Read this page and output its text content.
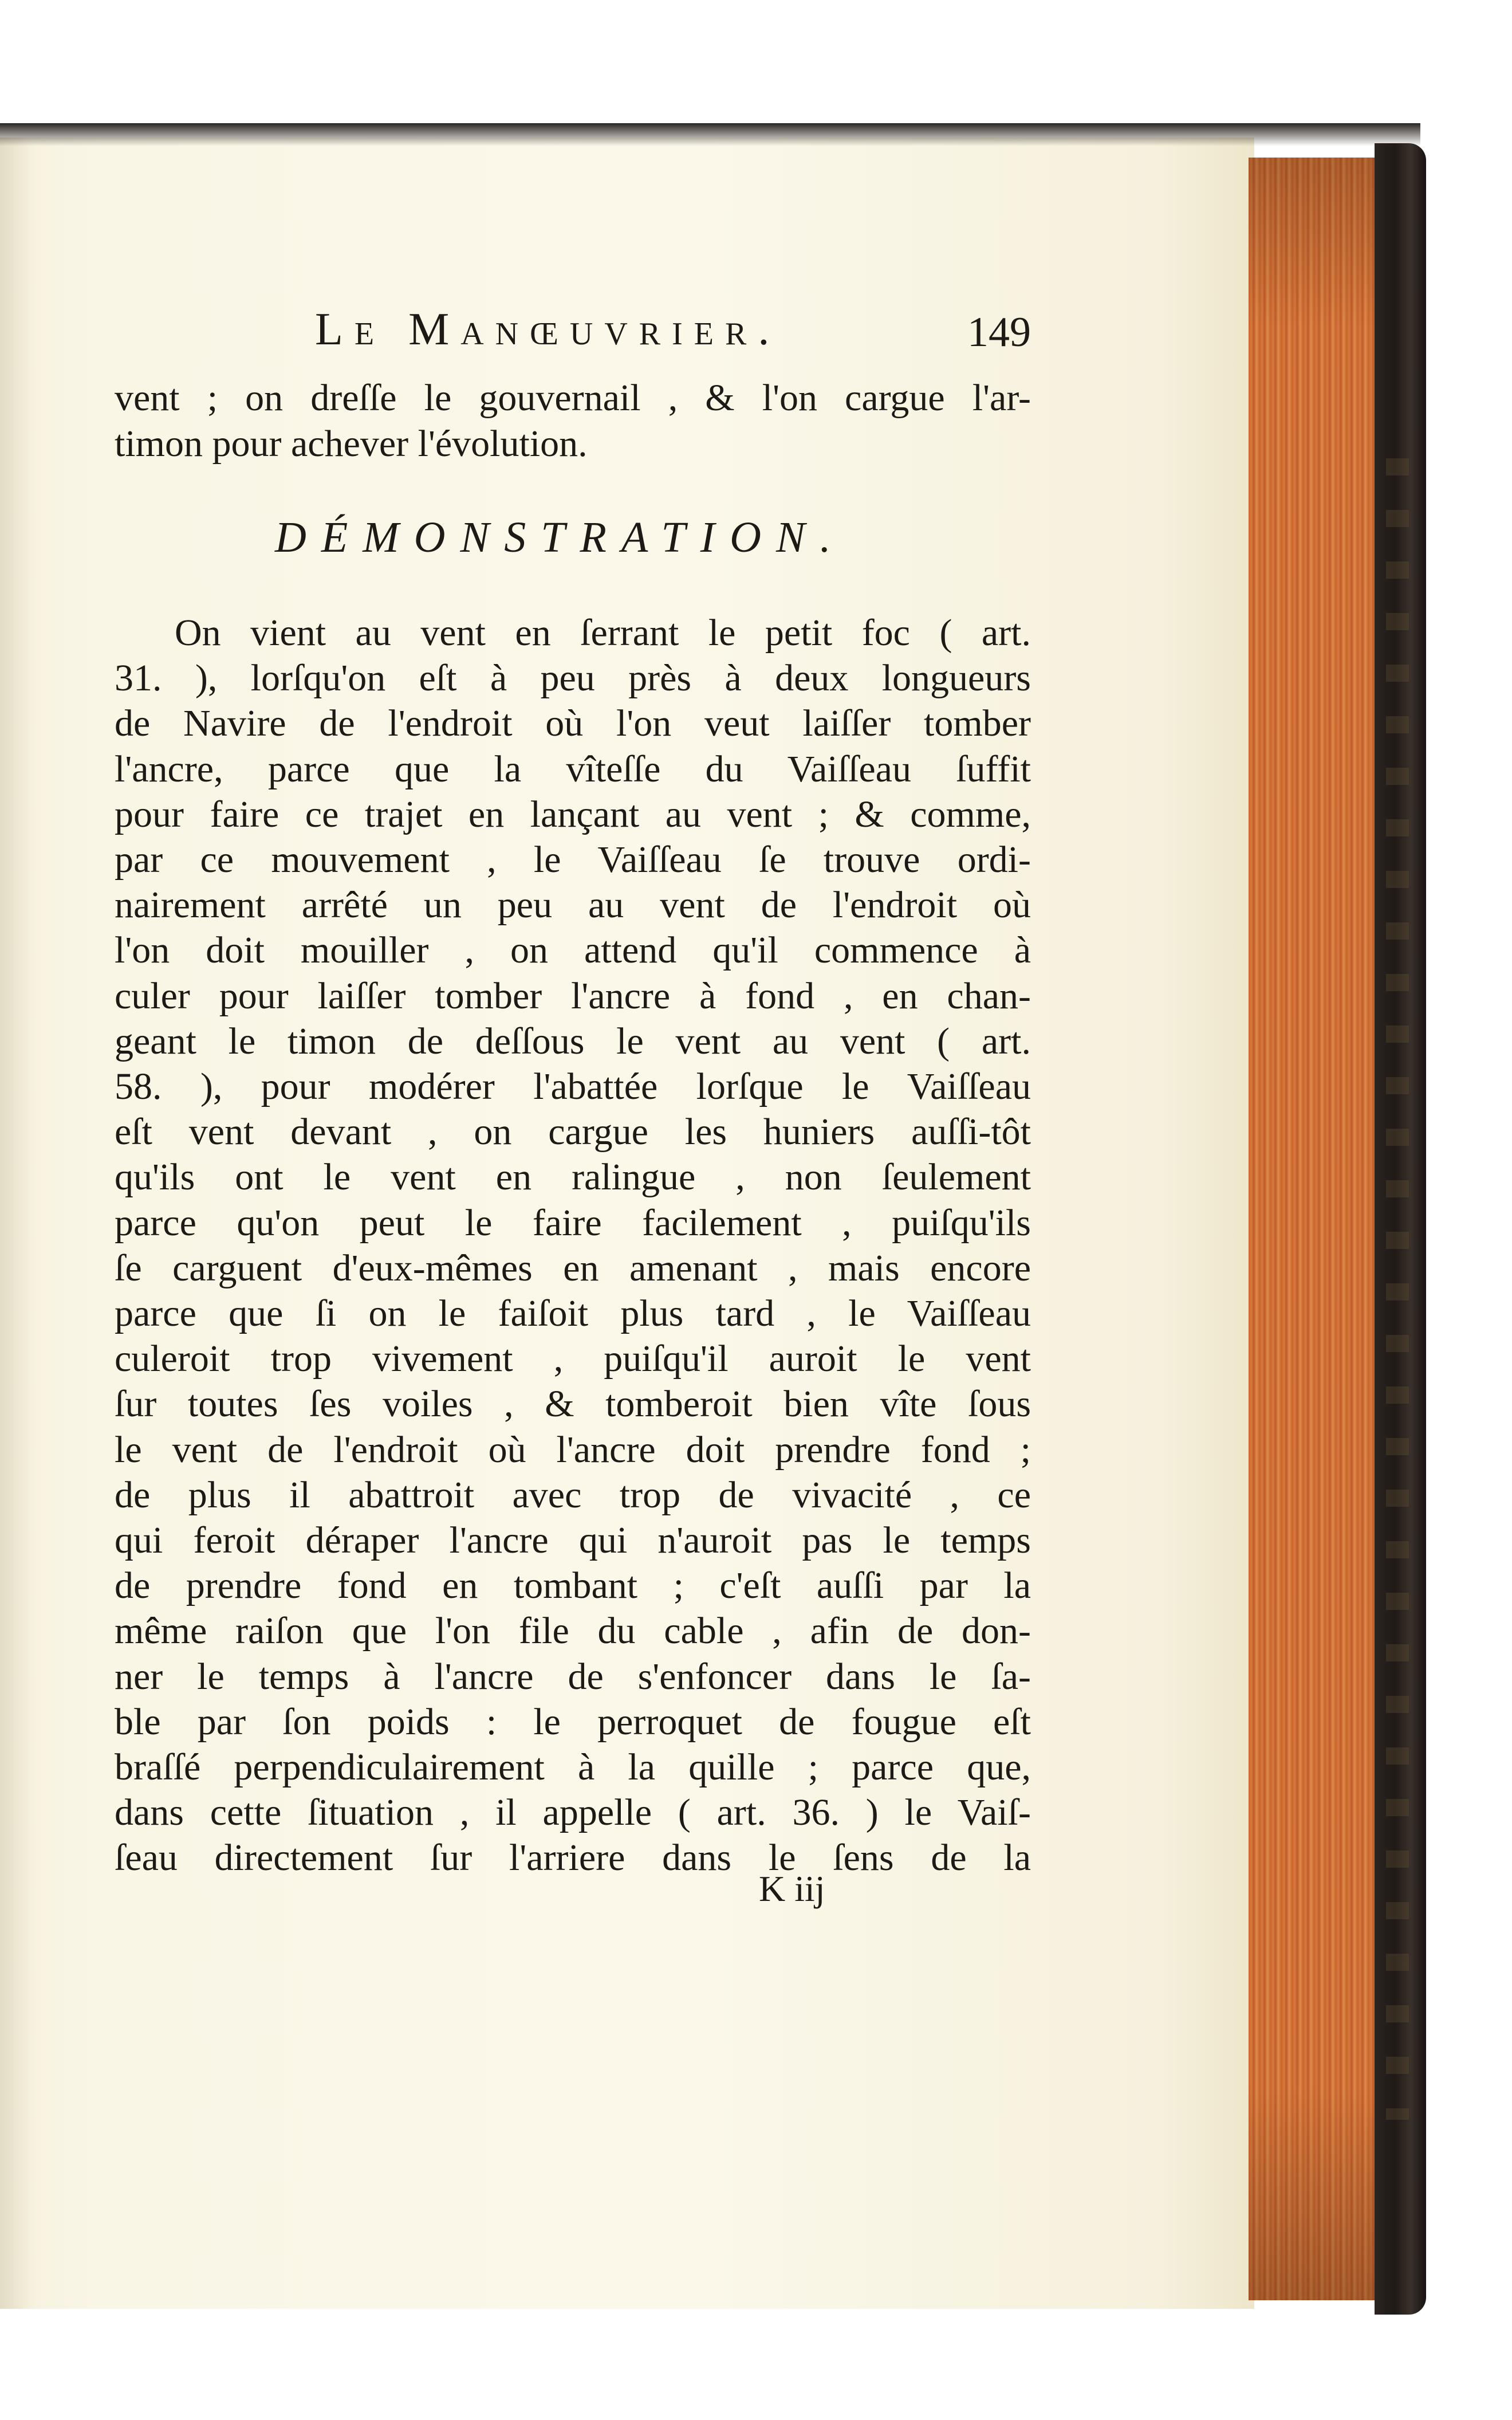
Le Manœuvrier.	149
vent ; on dreſſe le gouvernail , & l'on cargue l'ar-
timon pour achever l'évolution.
DÉMONSTRATION.
On vient au vent en ſerrant le petit foc ( art.
31. ), lorſqu'on eſt à peu près à deux longueurs
de Navire de l'endroit où l'on veut laiſſer tomber
l'ancre, parce que la vîteſſe du Vaiſſeau ſuffit
pour faire ce trajet en lançant au vent ; & comme,
par ce mouvement , le Vaiſſeau ſe trouve ordi-
nairement arrêté un peu au vent de l'endroit où
l'on doit mouiller , on attend qu'il commence à
culer pour laiſſer tomber l'ancre à fond , en chan-
geant le timon de deſſous le vent au vent ( art.
58. ), pour modérer l'abattée lorſque le Vaiſſeau
eſt vent devant , on cargue les huniers auſſi-tôt
qu'ils ont le vent en ralingue , non ſeulement
parce qu'on peut le faire facilement , puiſqu'ils
ſe carguent d'eux-mêmes en amenant , mais encore
parce que ſi on le faiſoit plus tard , le Vaiſſeau
culeroit trop vivement , puiſqu'il auroit le vent
ſur toutes ſes voiles , & tomberoit bien vîte ſous
le vent de l'endroit où l'ancre doit prendre fond ;
de plus il abattroit avec trop de vivacité , ce
qui feroit déraper l'ancre qui n'auroit pas le temps
de prendre fond en tombant ; c'eſt auſſi par la
même raiſon que l'on file du cable , afin de don-
ner le temps à l'ancre de s'enfoncer dans le ſa-
ble par ſon poids : le perroquet de fougue eſt
braſſé perpendiculairement à la quille ; parce que,
dans cette ſituation , il appelle ( art. 36. ) le Vaiſ-
ſeau directement ſur l'arriere dans le ſens de la
K iij
